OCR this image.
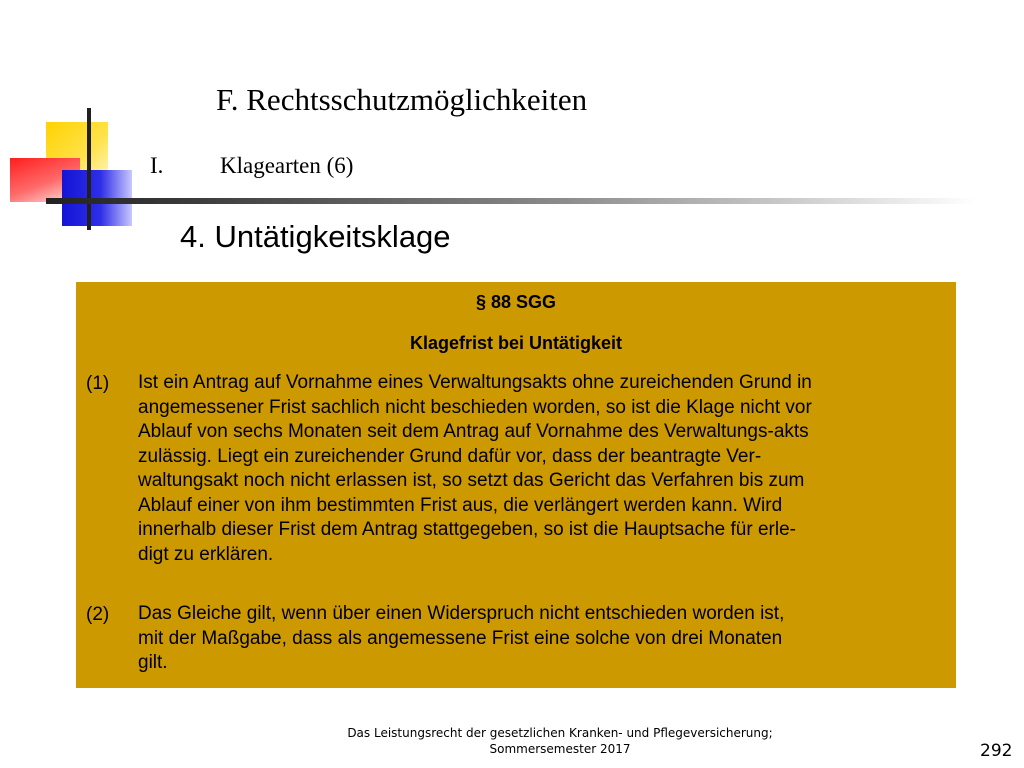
F. Rechtsschutzmöglichkeiten
I. Klagearten (6)
4. Untätigkeitsklage
§ 88 SGG
Klagefrist bei Untätigkeit
(1) Ist ein Antrag auf Vornahme eines Verwaltungsakts ohne zureichenden Grund in
angemessener Frist sachlich nicht beschieden worden, so ist die Klage nicht vor
Ablauf von sechs Monaten seit dem Antrag auf Vornahme des Verwaltungs-akts
zulässig. Liegt ein zureichender Grund dafür vor, dass der beantragte Ver-
waltungsakt noch nicht erlassen ist, so setzt das Gericht das Verfahren bis zum
Ablauf einer von ihm bestimmten Frist aus, die verlängert werden kann. Wird
innerhalb dieser Frist dem Antrag stattgegeben, so ist die Hauptsache für erle-
digt zu erklären.
(2) Das Gleiche gilt, wenn über einen Widerspruch nicht entschieden worden ist,
mit der Maßgabe, dass als angemessene Frist eine solche von drei Monaten
gilt.
Das Leistungsrecht der gesetzlichen Kranken- und Pflegeversicherung;
Sommersemester 2017	292
